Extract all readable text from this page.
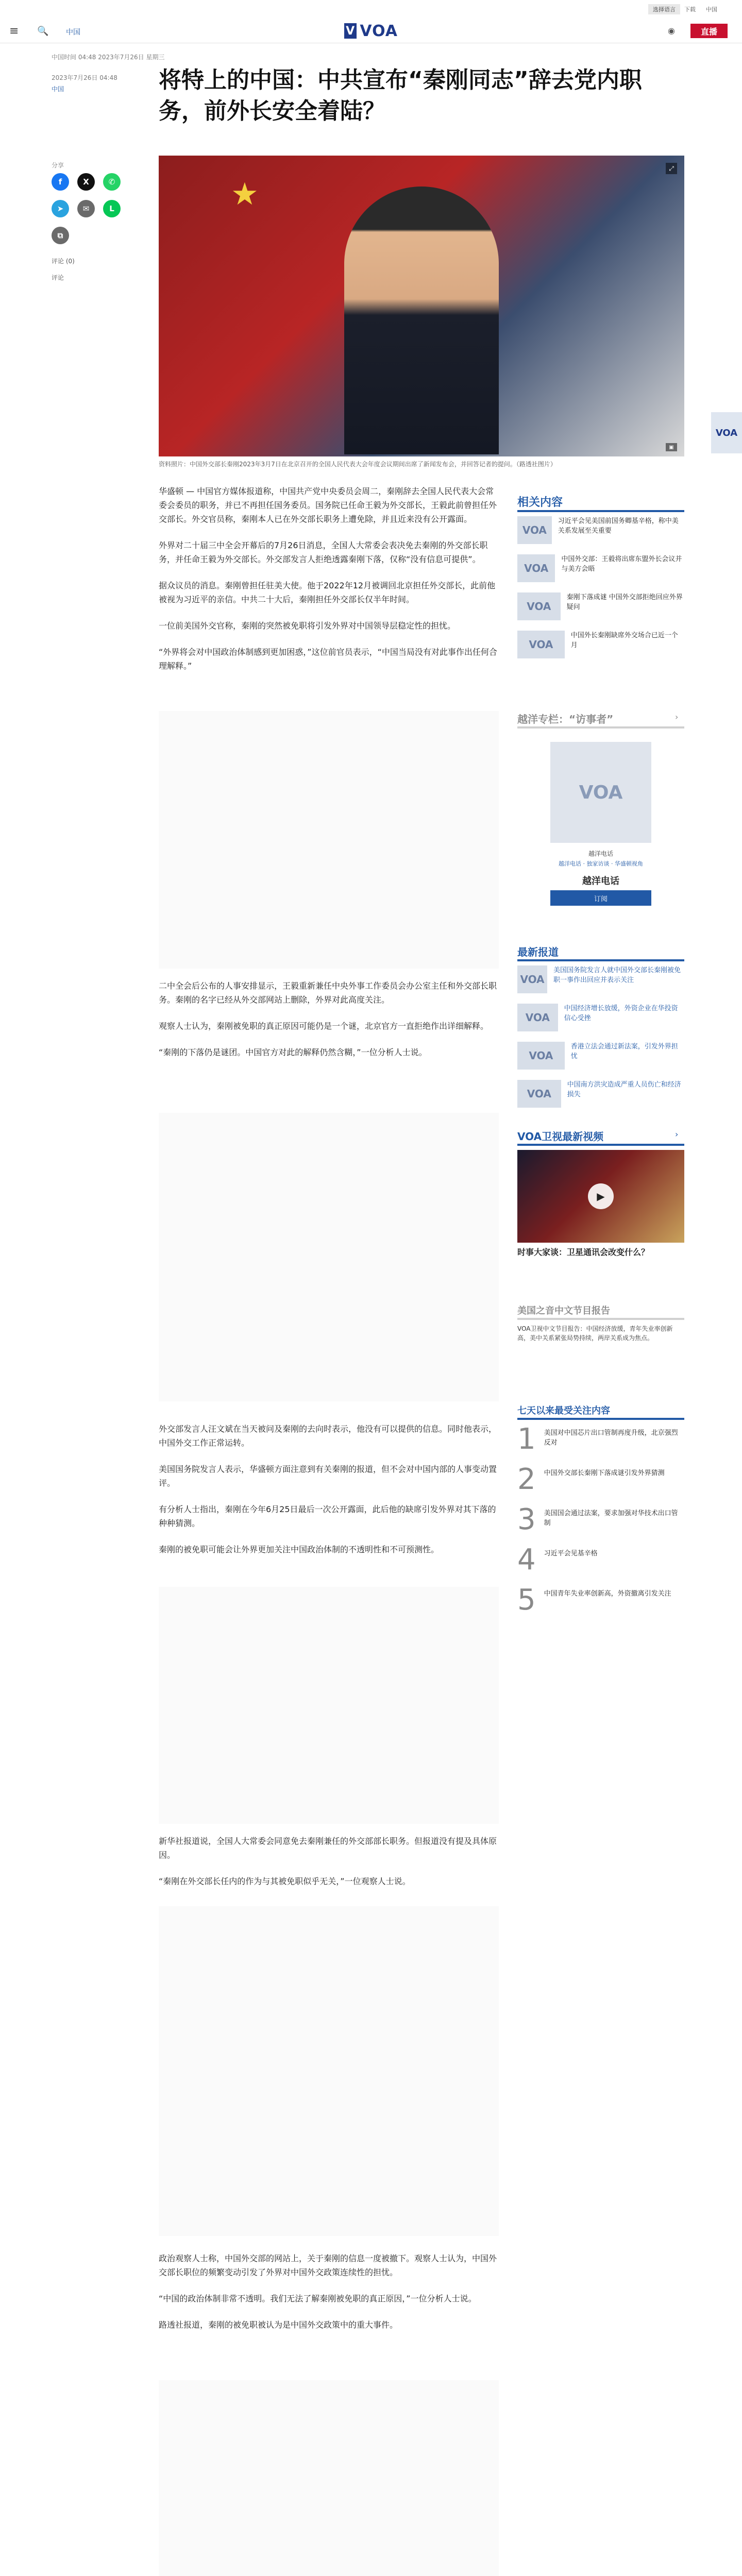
选择语言	下载 中国
≡ 🔍 中国	V VOA	◉	直播
中国时间 04:48 2023年7月26日 星期三
2023年7月26日 04:48
中国	将特上的中国：中共宣布“秦刚同志”辞去党内职务，前外长安全着陆？
分享
f	X	✆
➤	✉	L
⧉
评论 (0)
评论
★
⤢
▣
资料照片：中国外交部长秦刚2023年3月7日在北京召开的全国人民代表大会年度会议期间出席了新闻发布会，并回答记者的提问。（路透社图片）

华盛顿 — 中国官方媒体报道称，中国共产党中央委员会周二，秦刚辞去全国人民代表大会常委会委员的职务，并已不再担任国务委员。国务院已任命王毅为外交部长，王毅此前曾担任外交部长。外交官员称，秦刚本人已在外交部长职务上遭免除，并且近来没有公开露面。

外界对二十届三中全会开幕后的7月26日消息，全国人大常委会表决免去秦刚的外交部长职务，并任命王毅为外交部长。外交部发言人拒绝透露秦刚下落，仅称“没有信息可提供”。

据众议员的消息。秦刚曾担任驻美大使。他于2022年12月被调回北京担任外交部长，此前他被视为习近平的亲信。中共二十大后，秦刚担任外交部长仅半年时间。

一位前美国外交官称，秦刚的突然被免职将引发外界对中国领导层稳定性的担忧。

“外界将会对中国政治体制感到更加困惑，”这位前官员表示，“中国当局没有对此事作出任何合理解释。”

二中全会后公布的人事安排显示，王毅重新兼任中央外事工作委员会办公室主任和外交部长职务。秦刚的名字已经从外交部网站上删除，外界对此高度关注。

观察人士认为，秦刚被免职的真正原因可能仍是一个谜，北京官方一直拒绝作出详细解释。

“秦刚的下落仍是谜团。中国官方对此的解释仍然含糊，”一位分析人士说。

外交部发言人汪文斌在当天被问及秦刚的去向时表示，他没有可以提供的信息。同时他表示，中国外交工作正常运转。

美国国务院发言人表示，华盛顿方面注意到有关秦刚的报道，但不会对中国内部的人事变动置评。

有分析人士指出，秦刚在今年6月25日最后一次公开露面，此后他的缺席引发外界对其下落的种种猜测。

秦刚的被免职可能会让外界更加关注中国政治体制的不透明性和不可预测性。

新华社报道说，全国人大常委会同意免去秦刚兼任的外交部部长职务。但报道没有提及具体原因。

“秦刚在外交部长任内的作为与其被免职似乎无关，”一位观察人士说。

政治观察人士称，中国外交部的网站上，关于秦刚的信息一度被撤下。观察人士认为，中国外交部长职位的频繁变动引发了外界对中国外交政策连续性的担忧。

“中国的政治体制非常不透明。我们无法了解秦刚被免职的真正原因，”一位分析人士说。

路透社报道，秦刚的被免职被认为是中国外交政策中的重大事件。

VOA
相关内容
VOA
习近平会见美国前国务卿基辛格，称中美关系发展至关重要
VOA
中国外交部：王毅将出席东盟外长会议并与美方会晤
VOA
秦刚下落成谜 中国外交部拒绝回应外界疑问
VOA
中国外长秦刚缺席外交场合已近一个月
越洋专栏：“访事者”	›
VOA
越洋电话
越洋电话 · 独家访谈 · 华盛顿视角
越洋电话
订阅
最新报道
VOA
美国国务院发言人就中国外交部长秦刚被免职一事作出回应并表示关注
VOA
中国经济增长放缓，外资企业在华投资信心受挫
VOA
香港立法会通过新法案，引发外界担忧
VOA
中国南方洪灾造成严重人员伤亡和经济损失
VOA卫视最新视频	›
▶
时事大家谈：卫星通讯会改变什么？
美国之音中文节目报告
VOA卫视中文节目报告：中国经济放缓，青年失业率创新高，美中关系紧张局势持续，两岸关系成为焦点。
七天以来最受关注内容
1 美国对中国芯片出口管制再度升级，北京强烈反对
2 中国外交部长秦刚下落成谜引发外界猜测
3 美国国会通过法案，要求加强对华技术出口管制
4 习近平会见基辛格
5 中国青年失业率创新高，外资撤离引发关注
